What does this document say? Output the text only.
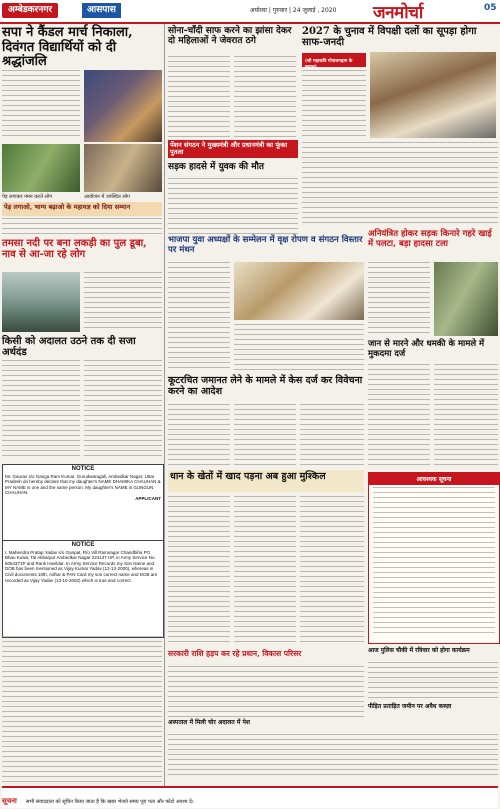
अम्बेडकरनगर	आसपास	अयोध्या | गुरुवार | 24 जुलाई , 2020 जनमोर्चा	05
सपा ने कैंडल मार्च निकाला, दिवंगत विद्यार्थियों को दी श्रद्धांजलि
सोना-चाँदी साफ करने का झांसा देकर दो महिलाओं ने जेवरात ठगे
2027 के चुनाव में विपक्षी दलों का सूपड़ा होगा साफ-जनदी
(श्री महाकवि गोपालगढ़ाम के सवाल)
पेंशन संगठन ने मुख्यमंत्री और प्रधानमंत्री का फूंका पुतला
सड़क हादसे में युवक की मौत
पेड़ लगाकर नमन करते लोग	आयोजन में उपस्थित लोग
पेड़ लगाओ, भाग्य बढ़ाओ के महायज्ञ को दिया सम्मान
तमसा नदी पर बना लकड़ी का पुल डूबा, नाव से आ-जा रहे लोग
भाजपा युवा अध्यक्षों के सम्मेलन में वृक्ष रोपण व संगठन विस्तार पर मंथन
अनियंत्रित होकर सड़क किनारे गहरे खाई में पलटा, बड़ा हादसा टला
किसी को अदालत उठने तक दी सजा अर्थदंड
कूटरचित जमानत लेने के मामले में केस दर्ज कर विवेचना करने का आदेश
जान से मारने और धमकी के मामले में मुकदमा दर्ज
NOTICE
Mr. Gaurav s/o Ganga Ram Kumar. Gurudwaragali, Ambedkar Nagar, Uttar Pradesh do hereby declare that my daughter's NAME DHAMIKA CHAUHAN & MY NAME is one and the same person. My daughter's NAME is GUNGUN CHAUHAN.
APPLICANT
NOTICE
I, Mahendra Pratap Yadav s/o Ganpat, R/o Vill Ramnagar Chandbiha PO Bhau Kuwa, Tal Akbarpur Ambedkar Nagar 224147 UP, in Army Service No. 5054371P and Rank Havildar. In Army Service Records my Son Name and DOB has been mentioned as Vijay Kumar Yadav (12-12-2000), whereas in Civil documents 10th, Adhar & PAN Card my son correct name and DOB are recorded as Vijay Yadav (13-10-2002) which is true and correct.
धान के खेतों में खाद पड़ना अब हुआ मुश्किल	आवश्यक सूचना
सरकारी राशि हड़प कर रहे प्रधान, विकास परिसर	आज पुलिस चौकी में रविवार को होगा कार्यक्रम
पीड़ित प्रताड़ित जमीन पर अवैध कब्ज़ा
अस्पताल में मिली चोर अदालत में पेश
सूचना सभी संवाददाता को सूचित किया जाता है कि खबर भेजते समय पूरा पता और फोटो अवश्य दें।
